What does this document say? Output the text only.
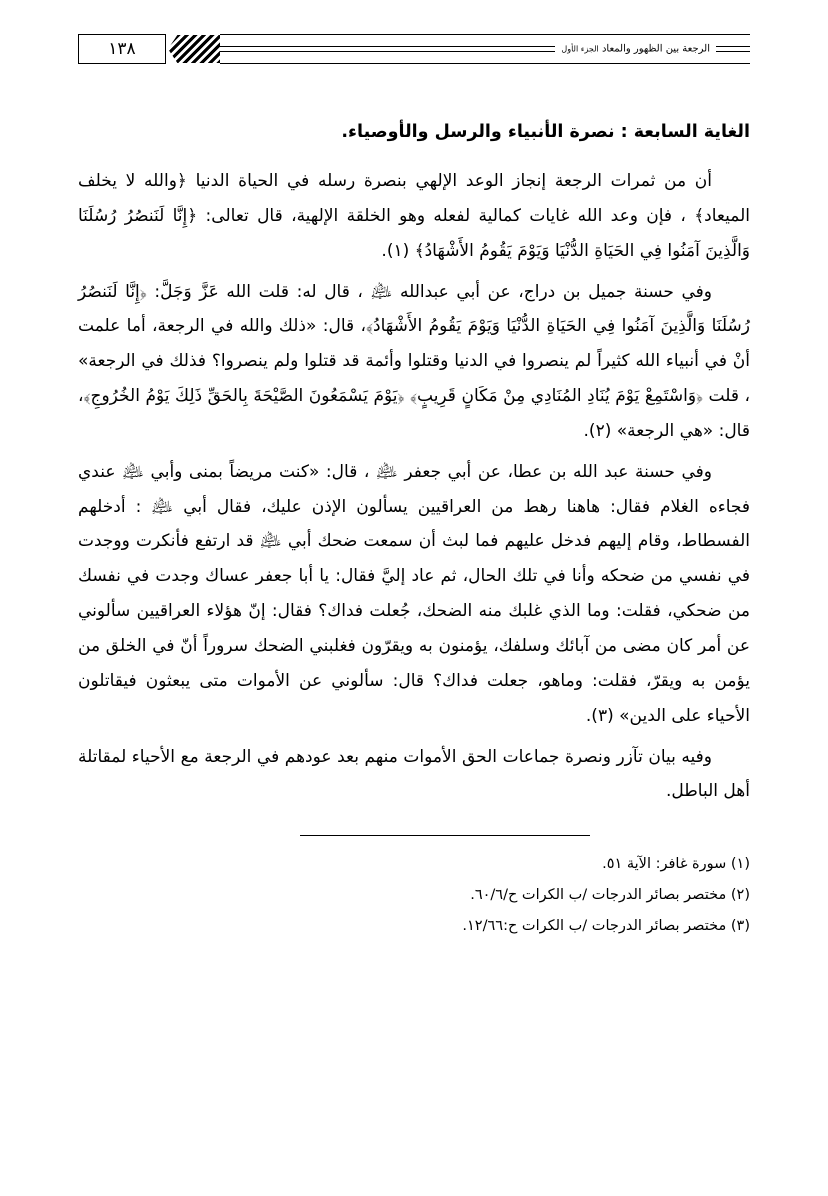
١٣٨	الرجعة بين الظهور والمعاد الجزء الأول
الغاية السابعة : نصرة الأنبياء والرسل والأوصياء.

أن من ثمرات الرجعة إنجاز الوعد الإلهي بنصرة رسله في الحياة الدنيا ﴿والله لا يخلف الميعاد﴾ ، فإن وعد الله غايات كمالية لفعله وهو الخلقة الإلهية، قال تعالى: ﴿إِنَّا لَنَنصُرُ رُسُلَنَا وَالَّذِينَ آمَنُوا فِي الحَيَاةِ الدُّنْيَا وَيَوْمَ يَقُومُ الأَشْهَادُ﴾ (١).

وفي حسنة جميل بن دراج، عن أبي عبدالله ﵇ ، قال له: قلت الله عَزَّ وَجَلَّ: ﴿إِنَّا لَنَنصُرُ رُسُلَنَا وَالَّذِينَ آمَنُوا فِي الحَيَاةِ الدُّنْيَا وَيَوْمَ يَقُومُ الأَشْهَادُ﴾، قال: «ذلك والله في الرجعة، أما علمت أنْ في أنبياء الله كثيراً لم ينصروا في الدنيا وقتلوا وأئمة قد قتلوا ولم ينصروا؟ فذلك في الرجعة» ، قلت ﴿وَاسْتَمِعْ يَوْمَ يُنَادِ المُنَادِي مِنْ مَكَانٍ قَرِيبٍ﴾ ﴿يَوْمَ يَسْمَعُونَ الصَّيْحَةَ بِالحَقِّ ذَلِكَ يَوْمُ الخُرُوجِ﴾، قال: «هي الرجعة» (٢).

وفي حسنة عبد الله بن عطا، عن أبي جعفر ﵇ ، قال: «كنت مريضاً بمنى وأبي ﵇ عندي فجاءه الغلام فقال: هاهنا رهط من العراقيين يسألون الإذن عليك، فقال أبي ﵇ : أدخلهم الفسطاط، وقام إليهم فدخل عليهم فما لبث أن سمعت ضحك أبي ﵇ قد ارتفع فأنكرت ووجدت في نفسي من ضحكه وأنا في تلك الحال، ثم عاد إليَّ فقال: يا أبا جعفر عساك وجدت في نفسك من ضحكي، فقلت: وما الذي غلبك منه الضحك، جُعلت فداك؟ فقال: إنّ هؤلاء العراقيين سألوني عن أمر كان مضى من آبائك وسلفك، يؤمنون به ويقرّون فغلبني الضحك سروراً أنّ في الخلق من يؤمن به ويقرّ، فقلت: وماهو، جعلت فداك؟ قال: سألوني عن الأموات متى يبعثون فيقاتلون الأحياء على الدين» (٣).

وفيه بيان تآزر ونصرة جماعات الحق الأموات منهم بعد عودهم في الرجعة مع الأحياء لمقاتلة أهل الباطل.

(١) سورة غافر: الآية ٥١.
(٢) مختصر بصائر الدرجات /ب الكرات ح/٦٠/٦.
(٣) مختصر بصائر الدرجات /ب الكرات ح:١٢/٦٦.
